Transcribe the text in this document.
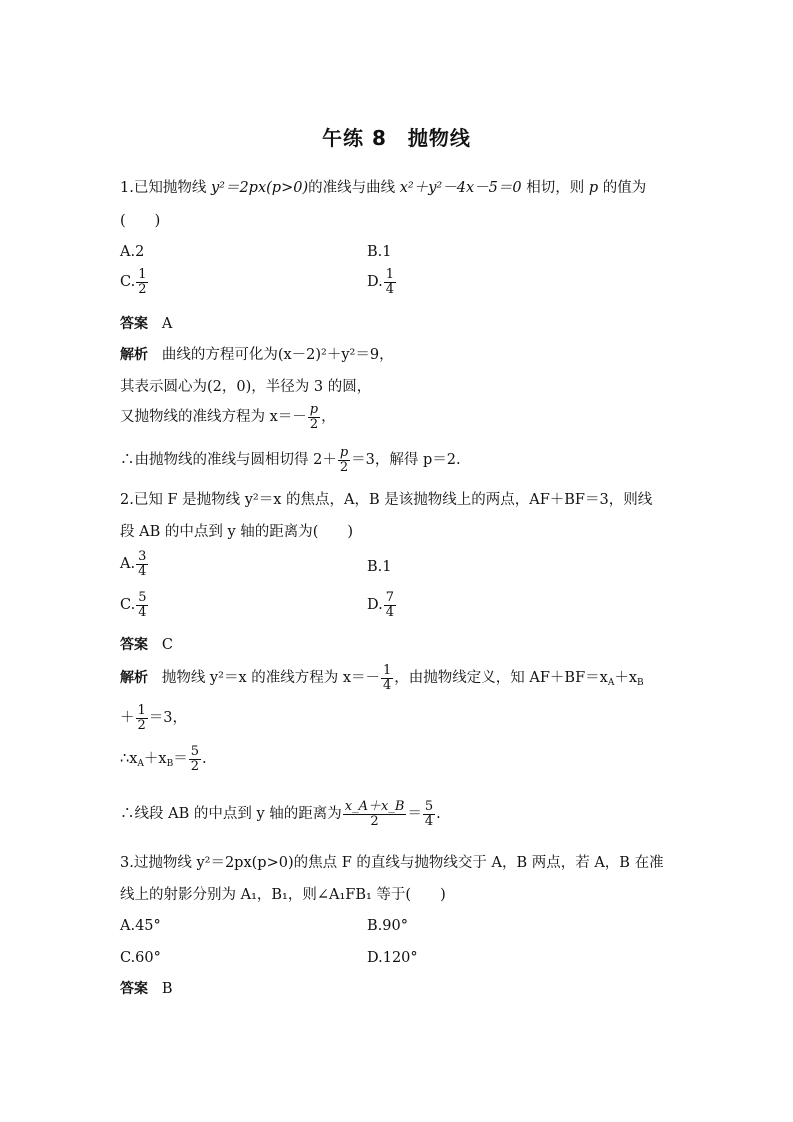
午练 8　抛物线
1.已知抛物线 y²＝2px(p>0)的准线与曲线 x²＋y²－4x－5＝0 相切，则 p 的值为
(　　)
A.2	B.1
C. $\frac{1}{2}$	D. $\frac{1}{4}$
答案 A
解析 曲线的方程可化为(x－2)²＋y²＝9，
其表示圆心为(2，0)，半径为 3 的圆，
又抛物线的准线方程为 $x=- \frac{p}{2}$ ，
∴由抛物线的准线与圆相切得 $2+ \frac{p}{2} =3$，解得 p＝2.
2.已知 F 是抛物线 y²＝x 的焦点，A，B 是该抛物线上的两点，AF＋BF＝3，则线
段 AB 的中点到 y 轴的距离为(　　)
A. $\frac{3}{4}$	B.1
C. $\frac{5}{4}$	D. $\frac{7}{4}$
答案 C
解析 抛物线 y²＝x 的准线方程为 $x=- \frac{1}{4}$ ，由抛物线定义，知 $AF+BF=x_A+x_B$
＋ $\frac{1}{2} =3$，
$\therefore x_A+x_B= \frac{5}{2}$ .
∴线段 AB 的中点到 y 轴的距离为 $\frac{x\_A+x\_B}{2} = \frac{5}{4}$ .
3.过抛物线 y²＝2px(p>0)的焦点 F 的直线与抛物线交于 A，B 两点，若 A，B 在准
线上的射影分别为 A₁，B₁，则∠A₁FB₁ 等于(　　)
A.45°	B.90°
C.60°	D.120°
答案 B
